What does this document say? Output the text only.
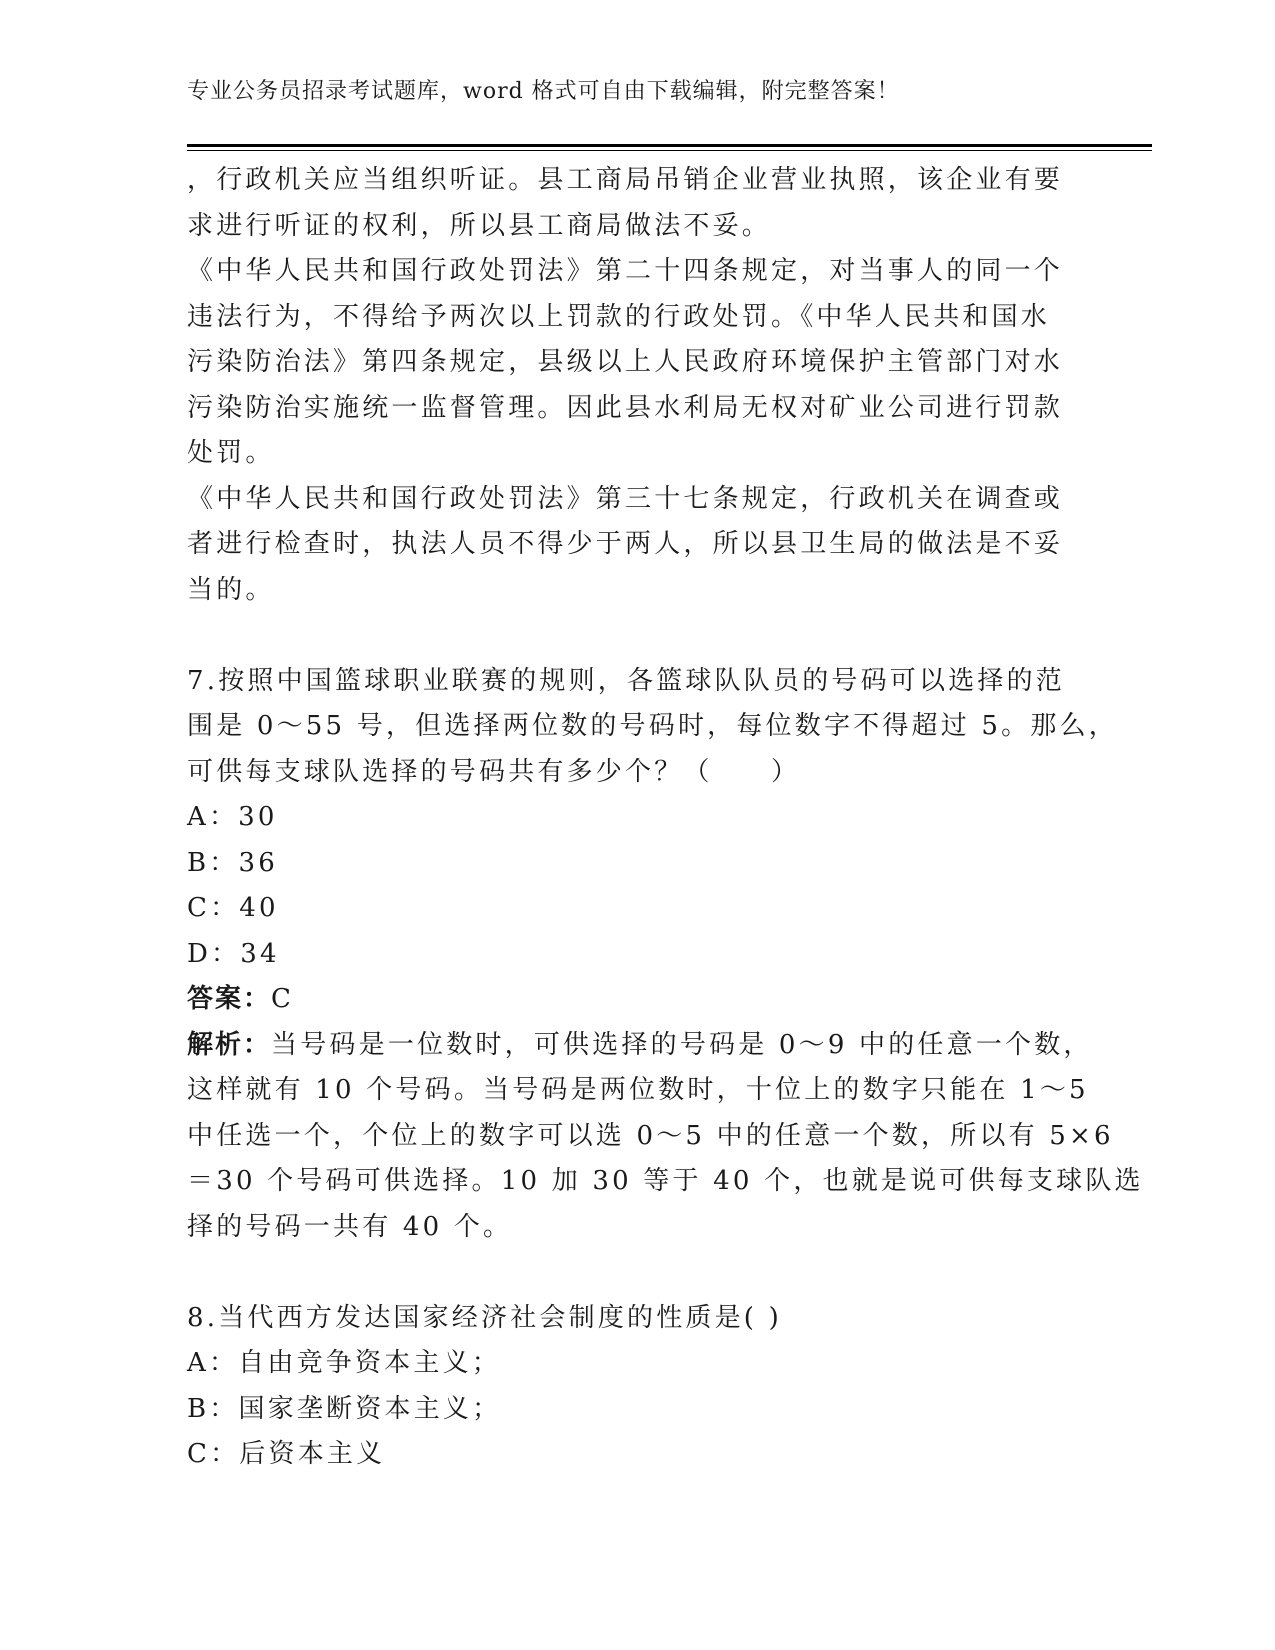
专业公务员招录考试题库，word 格式可自由下载编辑，附完整答案！
，行政机关应当组织听证。县工商局吊销企业营业执照，该企业有要
求进行听证的权利，所以县工商局做法不妥。
《中华人民共和国行政处罚法》第二十四条规定，对当事人的同一个
违法行为，不得给予两次以上罚款的行政处罚。《中华人民共和国水
污染防治法》第四条规定，县级以上人民政府环境保护主管部门对水
污染防治实施统一监督管理。因此县水利局无权对矿业公司进行罚款
处罚。
《中华人民共和国行政处罚法》第三十七条规定，行政机关在调查或
者进行检查时，执法人员不得少于两人，所以县卫生局的做法是不妥
当的。
7.按照中国篮球职业联赛的规则，各篮球队队员的号码可以选择的范
围是 0～55 号，但选择两位数的号码时，每位数字不得超过 5。那么，
可供每支球队选择的号码共有多少个？（　　）
A：30
B：36
C：40
D：34
答案：C
解析：当号码是一位数时，可供选择的号码是 0～9 中的任意一个数，
这样就有 10 个号码。当号码是两位数时，十位上的数字只能在 1～5
中任选一个，个位上的数字可以选 0～5 中的任意一个数，所以有 5×6
＝30 个号码可供选择。10 加 30 等于 40 个，也就是说可供每支球队选
择的号码一共有 40 个。
8.当代西方发达国家经济社会制度的性质是( )
A：自由竞争资本主义；
B：国家垄断资本主义；
C：后资本主义
